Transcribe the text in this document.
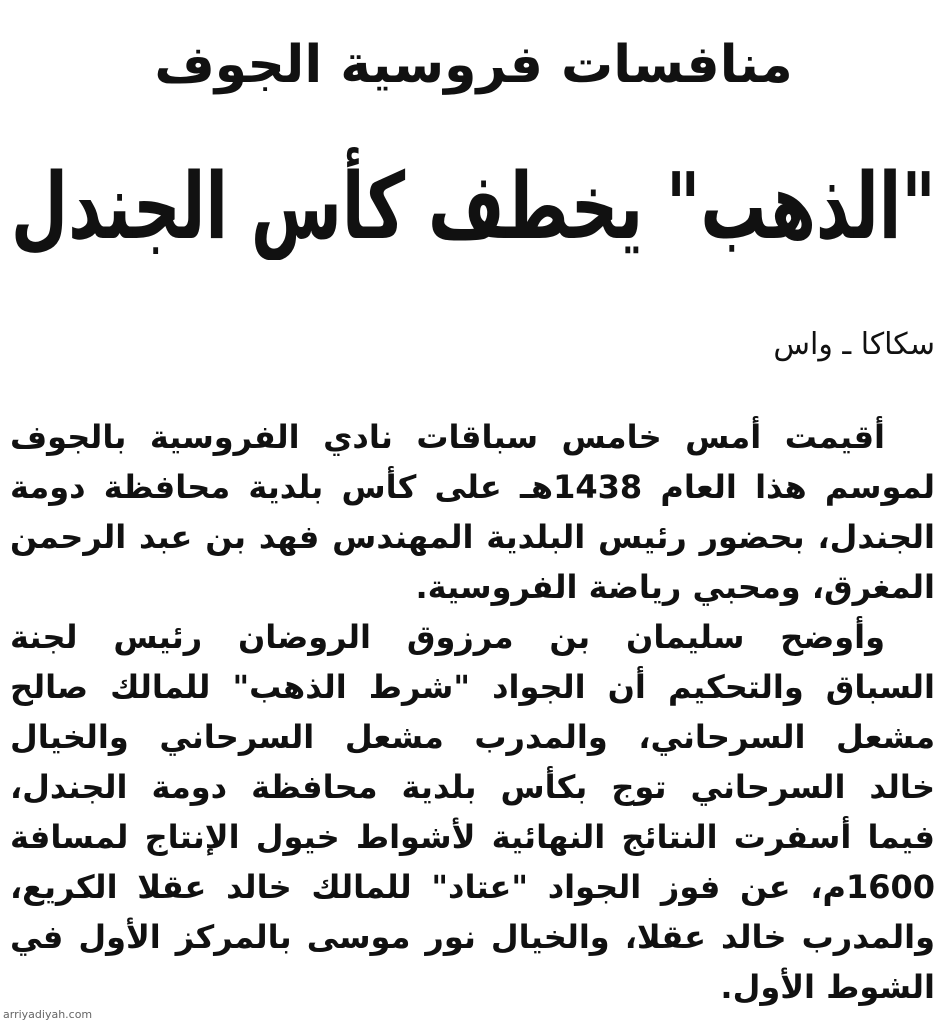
منافسات فروسية الجوف
"الذهب" يخطف كأس الجندل
سكاكا ـ واس
أقيمت أمس خامس سباقات نادي الفروسية بالجوف
لموسم هذا العام 1438هـ على كأس بلدية محافظة دومة
الجندل، بحضور رئيس البلدية المهندس فهد بن عبد الرحمن
المغرق، ومحبي رياضة الفروسية.
وأوضح سليمان بن مرزوق الروضان رئيس لجنة
السباق والتحكيم أن الجواد "شرط الذهب" للمالك صالح
مشعل السرحاني، والمدرب مشعل السرحاني والخيال
خالد السرحاني توج بكأس بلدية محافظة دومة الجندل،
فيما أسفرت النتائج النهائية لأشواط خيول الإنتاج لمسافة
1600م، عن فوز الجواد "عتاد" للمالك خالد عقلا الكريع،
والمدرب خالد عقلا، والخيال نور موسى بالمركز الأول في
الشوط الأول.
arriyadiyah.com
